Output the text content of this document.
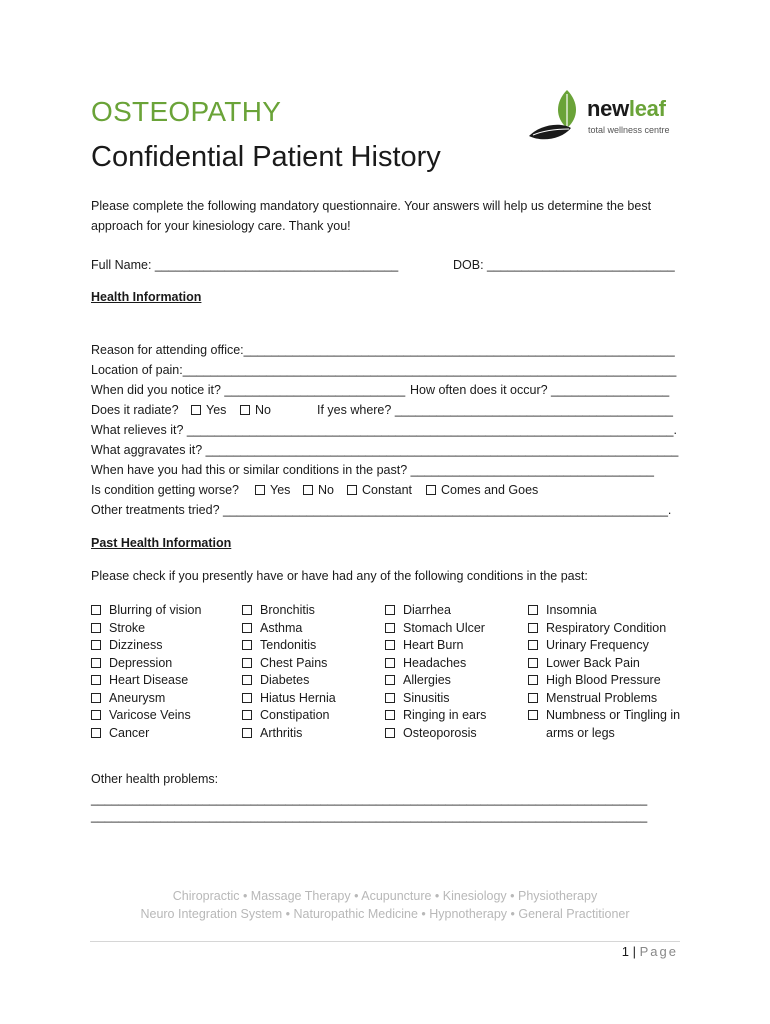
OSTEOPATHY
Confidential Patient History
newleaf
total wellness centre
Please complete the following mandatory questionnaire. Your answers will help us determine the best approach for your kinesiology care. Thank you!
Full Name: ___________________________________	DOB: ___________________________
Health Information
Reason for attending office:______________________________________________________________
Location of pain:_______________________________________________________________________
When did you notice it? __________________________ How often does it occur? _________________
Does it radiate?	Yes	No	If yes where? ________________________________________
What relieves it? ______________________________________________________________________.
What aggravates it? ____________________________________________________________________
When have you had this or similar conditions in the past? ___________________________________
Is condition getting worse?	Yes	No	Constant	Comes and Goes
Other treatments tried? ________________________________________________________________.
Past Health Information
Please check if you presently have or have had any of the following conditions in the past:
Blurring of vision
Stroke
Dizziness
Depression
Heart Disease
Aneurysm
Varicose Veins
Cancer
Bronchitis
Asthma
Tendonitis
Chest Pains
Diabetes
Hiatus Hernia
Constipation
Arthritis
Diarrhea
Stomach Ulcer
Heart Burn
Headaches
Allergies
Sinusitis
Ringing in ears
Osteoporosis
Insomnia
Respiratory Condition
Urinary Frequency
Lower Back Pain
High Blood Pressure
Menstrual Problems
Numbness or Tingling in
arms or legs
Other health problems:
________________________________________________________________________________
________________________________________________________________________________
Chiropractic • Massage Therapy • Acupuncture • Kinesiology • Physiotherapy
Neuro Integration System • Naturopathic Medicine • Hypnotherapy • General Practitioner
1 | Page
